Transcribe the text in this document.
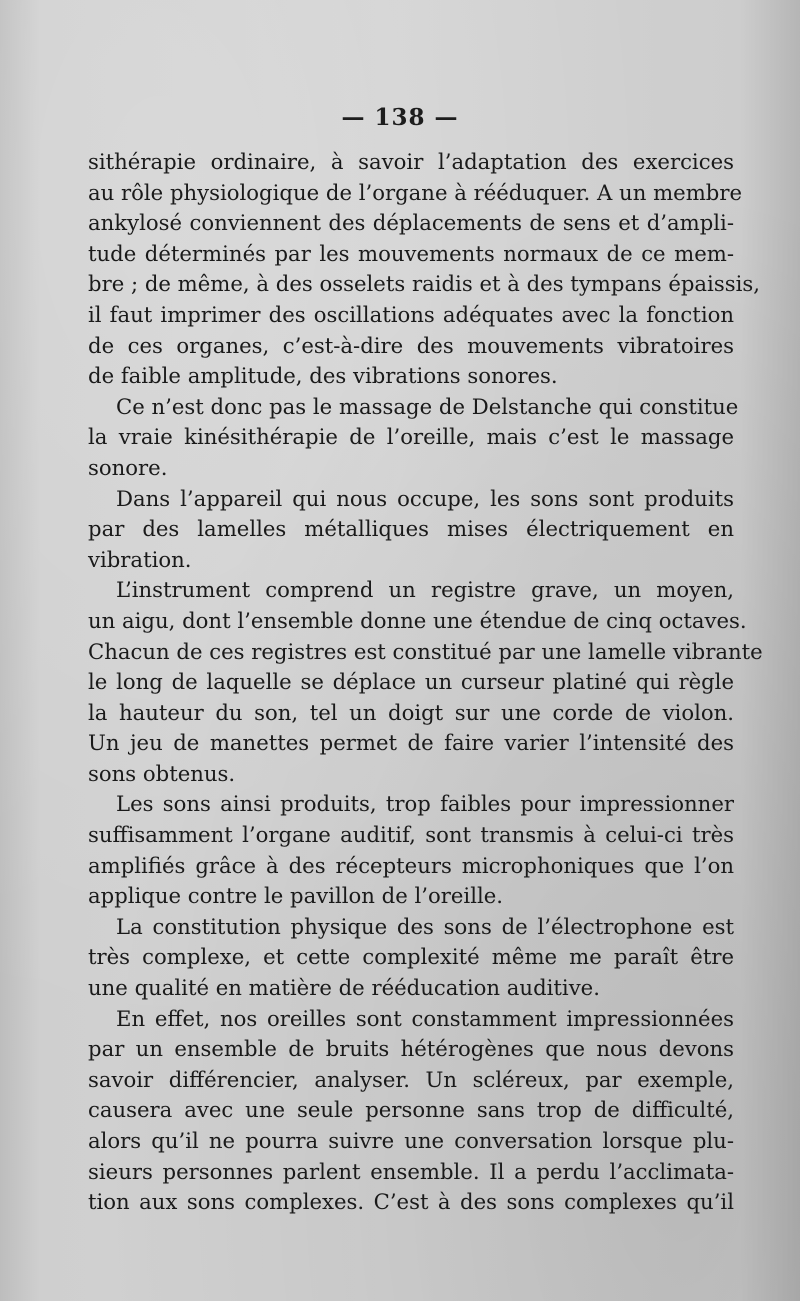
— 138 —
sithérapie ordinaire, à savoir l’adaptation des exercices
au rôle physiologique de l’organe à rééduquer. A un membre
ankylosé conviennent des déplacements de sens et d’ampli-
tude déterminés par les mouvements normaux de ce mem-
bre ; de même, à des osselets raidis et à des tympans épaissis,
il faut imprimer des oscillations adéquates avec la fonction
de ces organes, c’est-à-dire des mouvements vibratoires
de faible amplitude, des vibrations sonores.
Ce n’est donc pas le massage de Delstanche qui constitue
la vraie kinésithérapie de l’oreille, mais c’est le massage
sonore.
Dans l’appareil qui nous occupe, les sons sont produits
par des lamelles métalliques mises électriquement en
vibration.
L’instrument comprend un registre grave, un moyen,
un aigu, dont l’ensemble donne une étendue de cinq octaves.
Chacun de ces registres est constitué par une lamelle vibrante
le long de laquelle se déplace un curseur platiné qui règle
la hauteur du son, tel un doigt sur une corde de violon.
Un jeu de manettes permet de faire varier l’intensité des
sons obtenus.
Les sons ainsi produits, trop faibles pour impressionner
suffisamment l’organe auditif, sont transmis à celui-ci très
amplifiés grâce à des récepteurs microphoniques que l’on
applique contre le pavillon de l’oreille.
La constitution physique des sons de l’électrophone est
très complexe, et cette complexité même me paraît être
une qualité en matière de rééducation auditive.
En effet, nos oreilles sont constamment impressionnées
par un ensemble de bruits hétérogènes que nous devons
savoir différencier, analyser. Un scléreux, par exemple,
causera avec une seule personne sans trop de difficulté,
alors qu’il ne pourra suivre une conversation lorsque plu-
sieurs personnes parlent ensemble. Il a perdu l’acclimata-
tion aux sons complexes. C’est à des sons complexes qu’il
